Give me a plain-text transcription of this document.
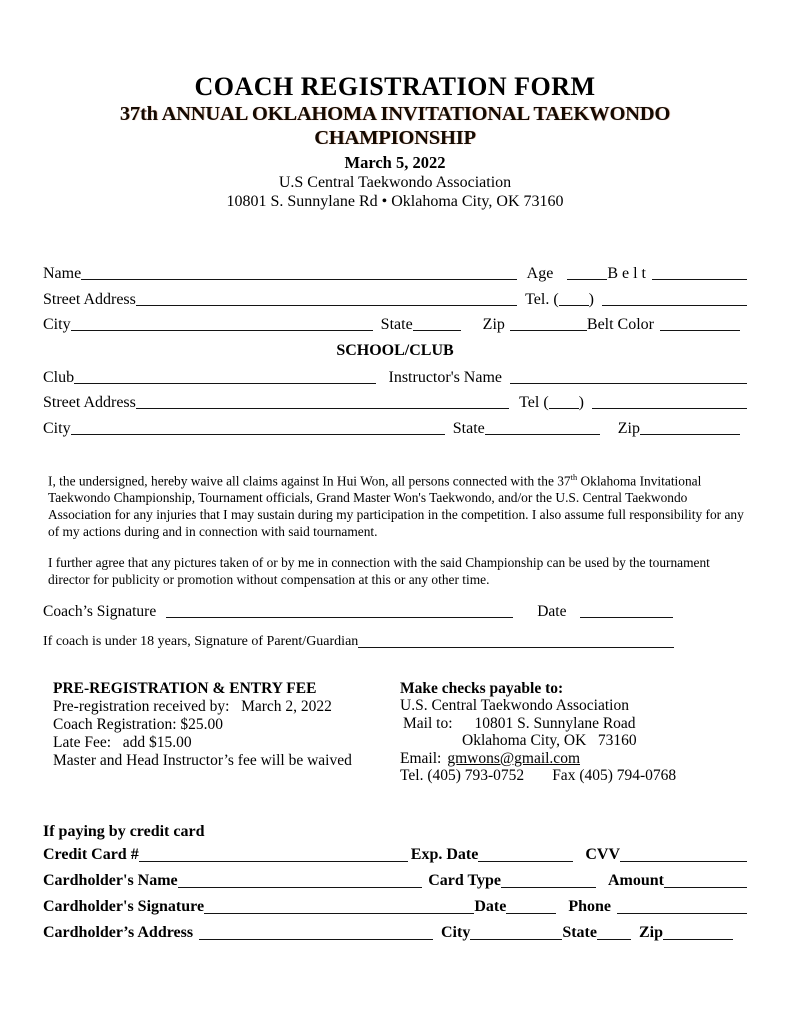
COACH REGISTRATION FORM
37th ANNUAL OKLAHOMA INVITATIONAL TAEKWONDO CHAMPIONSHIP
March 5, 2022
U.S Central Taekwondo Association
10801 S. Sunnylane Rd • Oklahoma City, OK 73160
Name	Age	B e l t
Street Address	Tel. ( )
City	State	Zip	Belt Color
SCHOOL/CLUB
Club	Instructor's Name
Street Address	Tel ( )
City	State	Zip

I, the undersigned, hereby waive all claims against In Hui Won, all persons connected with the 37th Oklahoma Invitational Taekwondo Championship, Tournament officials, Grand Master Won's Taekwondo, and/or the U.S. Central Taekwondo Association for any injuries that I may sustain during my participation in the competition. I also assume full responsibility for any of my actions during and in connection with said tournament.

I further agree that any pictures taken of or by me in connection with the said Championship can be used by the tournament director for publicity or promotion without compensation at this or any other time.

Coach’s Signature	Date
If coach is under 18 years, Signature of Parent/Guardian
PRE-REGISTRATION & ENTRY FEE
Pre-registration received by:   March 2, 2022
Coach Registration: $25.00
Late Fee:   add $15.00
Master and Head Instructor’s fee will be waived
Make checks payable to:
U.S. Central Taekwondo Association
Mail to: 10801 S. Sunnylane Road
Oklahoma City, OK   73160
Email: gmwons@gmail.com
Tel. (405) 793-0752 Fax (405) 794-0768
If paying by credit card
Credit Card #	Exp. Date	CVV
Cardholder's Name	Card Type	Amount
Cardholder's Signature	Date	Phone
Cardholder’s Address	City	State	Zip
